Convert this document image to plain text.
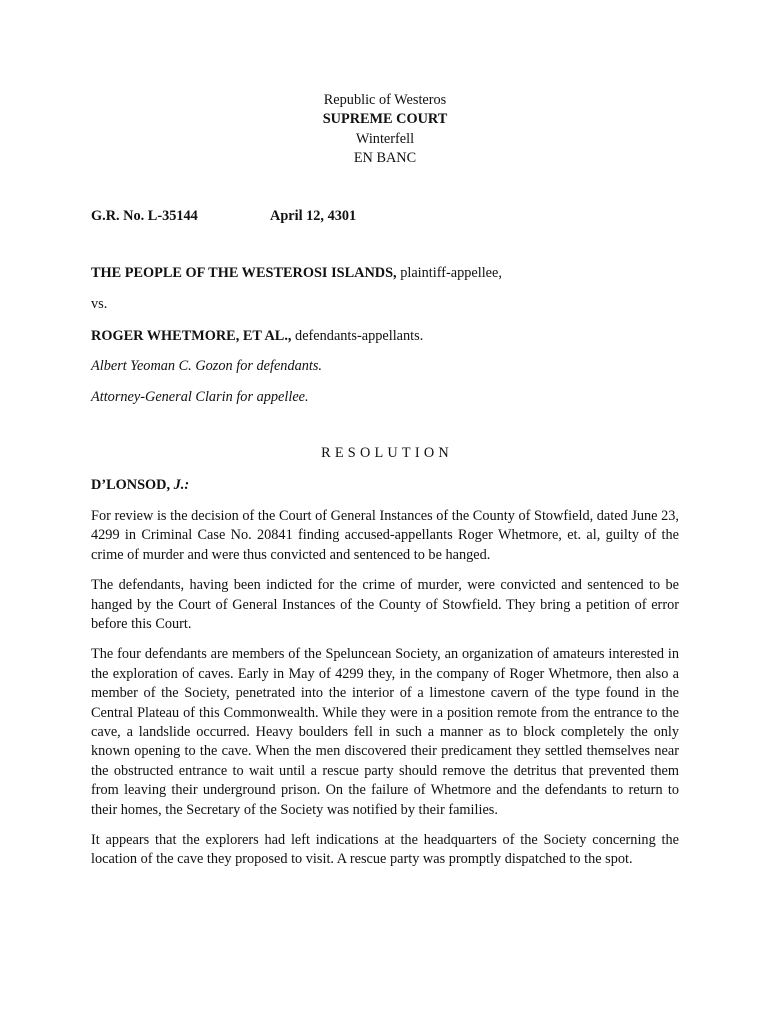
Republic of Westeros
SUPREME COURT
Winterfell
EN BANC
G.R. No. L-35144	April 12, 4301
THE PEOPLE OF THE WESTEROSI ISLANDS, plaintiff-appellee,
vs.
ROGER WHETMORE, ET AL., defendants-appellants.
Albert Yeoman C. Gozon for defendants.
Attorney-General Clarin for appellee.
RESOLUTION
D’LONSOD, J.:

For review is the decision of the Court of General Instances of the County of Stowfield, dated June 23, 4299 in Criminal Case No. 20841 finding accused-appellants Roger Whetmore, et. al, guilty of the crime of murder and were thus convicted and sentenced to be hanged.

The defendants, having been indicted for the crime of murder, were convicted and sentenced to be hanged by the Court of General Instances of the County of Stowfield. They bring a petition of error before this Court.

The four defendants are members of the Speluncean Society, an organization of amateurs interested in the exploration of caves. Early in May of 4299 they, in the company of Roger Whetmore, then also a member of the Society, penetrated into the interior of a limestone cavern of the type found in the Central Plateau of this Commonwealth. While they were in a position remote from the entrance to the cave, a landslide occurred. Heavy boulders fell in such a manner as to block completely the only known opening to the cave. When the men discovered their predicament they settled themselves near the obstructed entrance to wait until a rescue party should remove the detritus that prevented them from leaving their underground prison. On the failure of Whetmore and the defendants to return to their homes, the Secretary of the Society was notified by their families.

It appears that the explorers had left indications at the headquarters of the Society concerning the location of the cave they proposed to visit. A rescue party was promptly dispatched to the spot.
